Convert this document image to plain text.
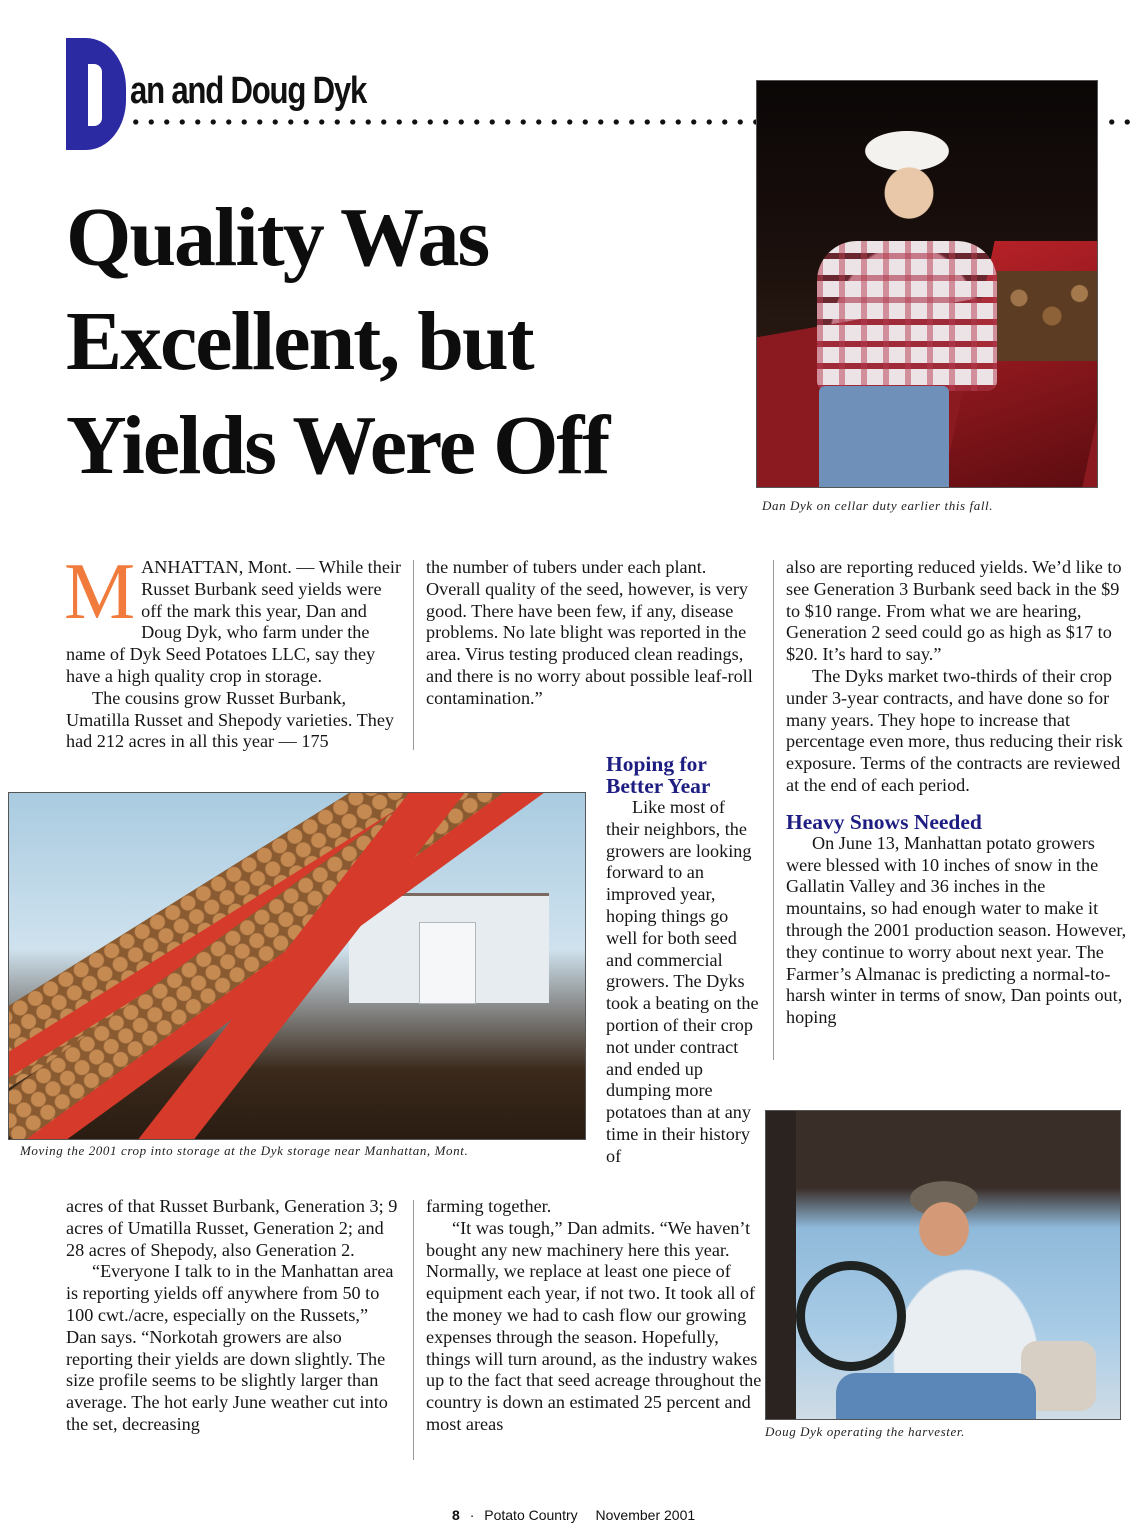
an and Doug Dyk
Quality Was
Excellent, but
Yields Were Off
Dan Dyk on cellar duty earlier this fall.
M ANHATTAN, Mont. — While their Russet Burbank seed yields were off the mark this year, Dan and Doug Dyk, who farm under the name of Dyk Seed Potatoes LLC, say they have a high quality crop in storage.

The cousins grow Russet Burbank, Umatilla Russet and Shepody varieties. They had 212 acres in all this year — 175

the number of tubers under each plant. Overall quality of the seed, however, is very good. There have been few, if any, disease problems. No late blight was reported in the area. Virus testing produced clean readings, and there is no worry about possible leaf-roll contamination.”

also are reporting reduced yields. We’d like to see Generation 3 Burbank seed back in the $9 to $10 range. From what we are hearing, Generation 2 seed could go as high as $17 to $20. It’s hard to say.”

The Dyks market two-thirds of their crop under 3-year contracts, and have done so for many years. They hope to increase that percentage even more, thus reducing their risk exposure. Terms of the contracts are reviewed at the end of each period.

Heavy Snows Needed

On June 13, Manhattan potato growers were blessed with 10 inches of snow in the Gallatin Valley and 36 inches in the mountains, so had enough water to make it through the 2001 production season. However, they continue to worry about next year. The Farmer’s Almanac is predicting a normal-to-harsh winter in terms of snow, Dan points out, hoping

Moving the 2001 crop into storage at the Dyk storage near Manhattan, Mont.
Hoping for Better Year

Like most of their neighbors, the growers are looking forward to an improved year, hoping things go well for both seed and commercial growers. The Dyks took a beating on the portion of their crop not under contract and ended up dumping more potatoes than at any time in their history of

acres of that Russet Burbank, Generation 3; 9 acres of Umatilla Russet, Generation 2; and 28 acres of Shepody, also Generation 2.

“Everyone I talk to in the Manhattan area is reporting yields off anywhere from 50 to 100 cwt./acre, especially on the Russets,” Dan says. “Norkotah growers are also reporting their yields are down slightly. The size profile seems to be slightly larger than average. The hot early June weather cut into the set, decreasing

farming together.

“It was tough,” Dan admits. “We haven’t bought any new machinery here this year. Normally, we replace at least one piece of equipment each year, if not two. It took all of the money we had to cash flow our growing expenses through the season. Hopefully, things will turn around, as the industry wakes up to the fact that seed acreage throughout the country is down an estimated 25 percent and most areas	Doug Dyk operating the harvester.
8 · Potato Country November 2001
